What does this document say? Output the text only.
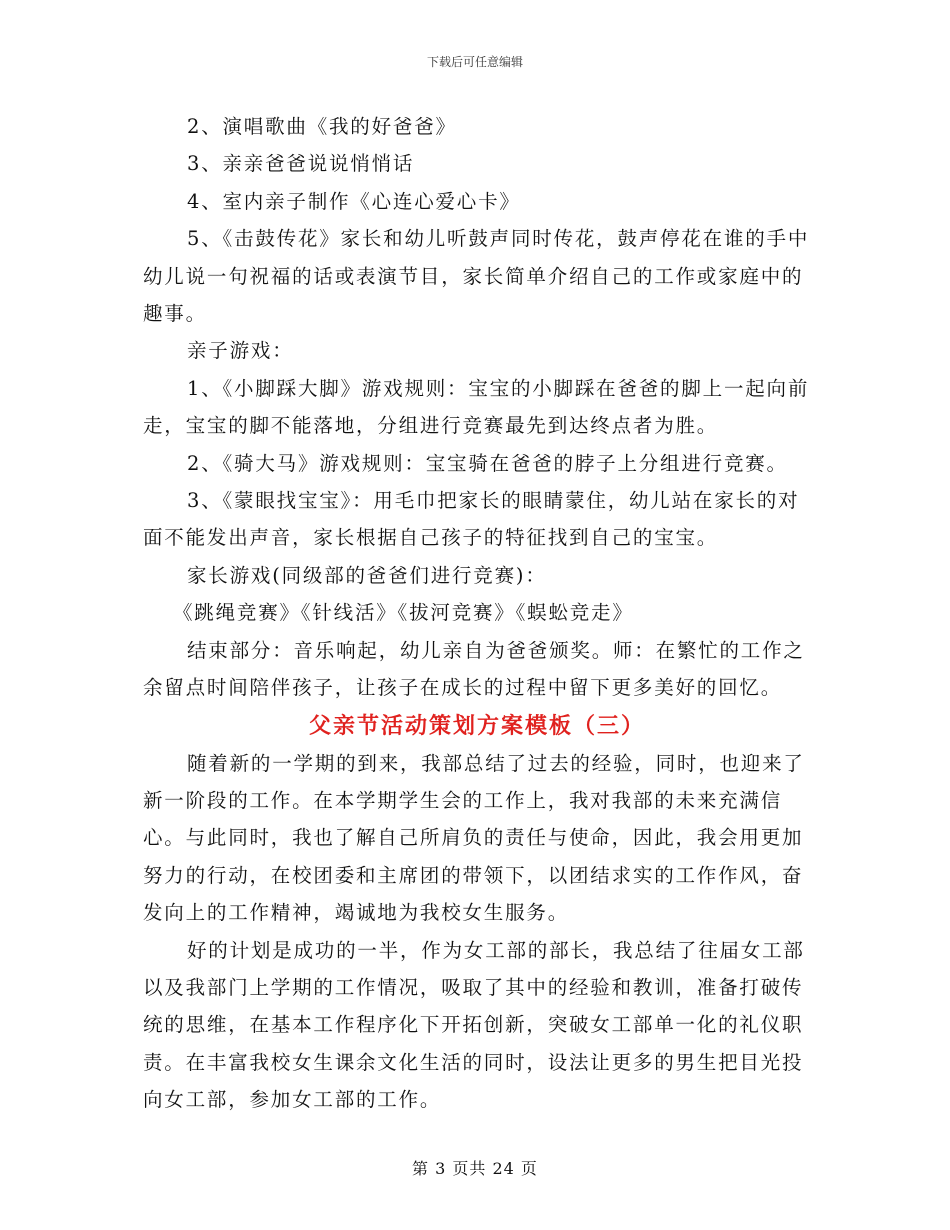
下载后可任意编辑

2、演唱歌曲《我的好爸爸》

3、亲亲爸爸说说悄悄话

4、室内亲子制作《心连心爱心卡》

5、《击鼓传花》家长和幼儿听鼓声同时传花，鼓声停花在谁的手中幼儿说一句祝福的话或表演节目，家长简单介绍自己的工作或家庭中的趣事。

亲子游戏：

1、《小脚踩大脚》游戏规则：宝宝的小脚踩在爸爸的脚上一起向前走，宝宝的脚不能落地，分组进行竞赛最先到达终点者为胜。

2、《骑大马》游戏规则：宝宝骑在爸爸的脖子上分组进行竞赛。

3、《蒙眼找宝宝》：用毛巾把家长的眼睛蒙住，幼儿站在家长的对面不能发出声音，家长根据自己孩子的特征找到自己的宝宝。

家长游戏(同级部的爸爸们进行竞赛)：

《跳绳竞赛》《针线活》《拔河竞赛》《蜈蚣竞走》

结束部分：音乐响起，幼儿亲自为爸爸颁奖。师：在繁忙的工作之余留点时间陪伴孩子，让孩子在成长的过程中留下更多美好的回忆。

父亲节活动策划方案模板（三）

随着新的一学期的到来，我部总结了过去的经验，同时，也迎来了新一阶段的工作。在本学期学生会的工作上，我对我部的未来充满信心。与此同时，我也了解自己所肩负的责任与使命，因此，我会用更加努力的行动，在校团委和主席团的带领下，以团结求实的工作作风，奋发向上的工作精神，竭诚地为我校女生服务。

好的计划是成功的一半，作为女工部的部长，我总结了往届女工部以及我部门上学期的工作情况，吸取了其中的经验和教训，准备打破传统的思维，在基本工作程序化下开拓创新，突破女工部单一化的礼仪职责。在丰富我校女生课余文化生活的同时，设法让更多的男生把目光投向女工部，参加女工部的工作。

第 3 页共 24 页
